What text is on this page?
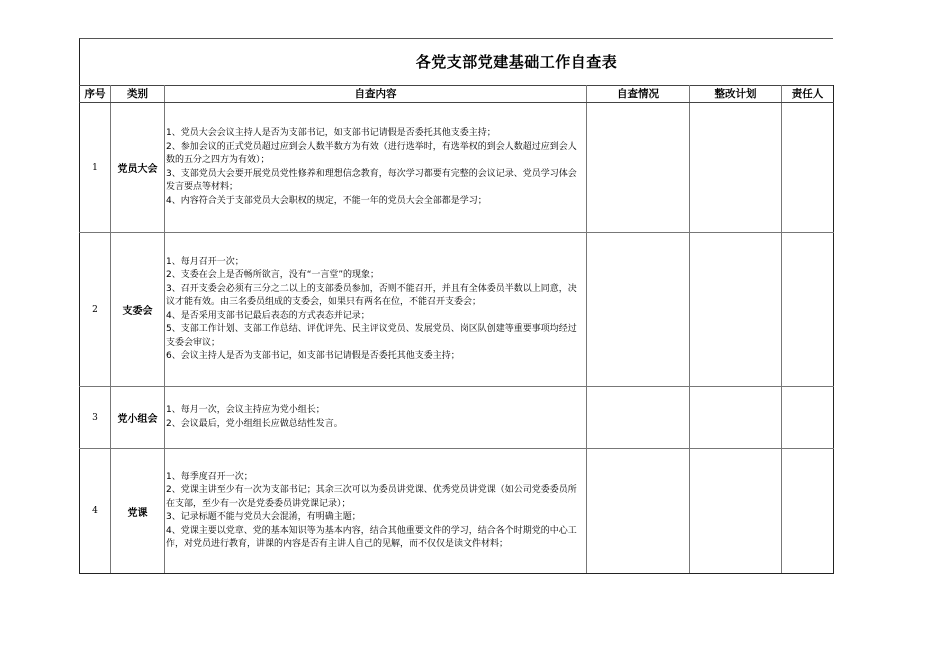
各党支部党建基础工作自查表
序号	类别	自查内容	自查情况	整改计划	责任人
1	党员大会	1、党员大会会议主持人是否为支部书记，如支部书记请假是否委托其他支委主持；
2、参加会议的正式党员超过应到会人数半数方为有效（进行选举时，有选举权的到会人数超过应到会人数的五分之四方为有效）；
3、支部党员大会要开展党员党性修养和理想信念教育，每次学习都要有完整的会议记录、党员学习体会发言要点等材料；
4、内容符合关于支部党员大会职权的规定，不能一年的党员大会全部都是学习；			

2	支委会	
1、每月召开一次；
2、支委在会上是否畅所欲言，没有“一言堂”的现象；
3、召开支委会必须有三分之二以上的支部委员参加，否则不能召开，并且有全体委员半数以上同意，决议才能有效。由三名委员组成的支委会，如果只有两名在位，不能召开支委会；
4、是否采用支部书记最后表态的方式表态并记录；
5、支部工作计划、支部工作总结、评优评先、民主评议党员、发展党员、岗区队创建等重要事项均经过支委会审议；
6、会议主持人是否为支部书记，如支部书记请假是否委托其他支委主持；

3	党小组会	1、每月一次，会议主持应为党小组长；
2、会议最后，党小组组长应做总结性发言。			

4	党课	1、每季度召开一次；
2、党课主讲至少有一次为支部书记；其余三次可以为委员讲党课、优秀党员讲党课（如公司党委委员所在支部，至少有一次是党委委员讲党课记录）；
3、记录标题不能与党员大会混淆，有明确主题；
4、党课主要以党章、党的基本知识等为基本内容，结合其他重要文件的学习，结合各个时期党的中心工作，对党员进行教育，讲课的内容是否有主讲人自己的见解，而不仅仅是读文件材料；			
